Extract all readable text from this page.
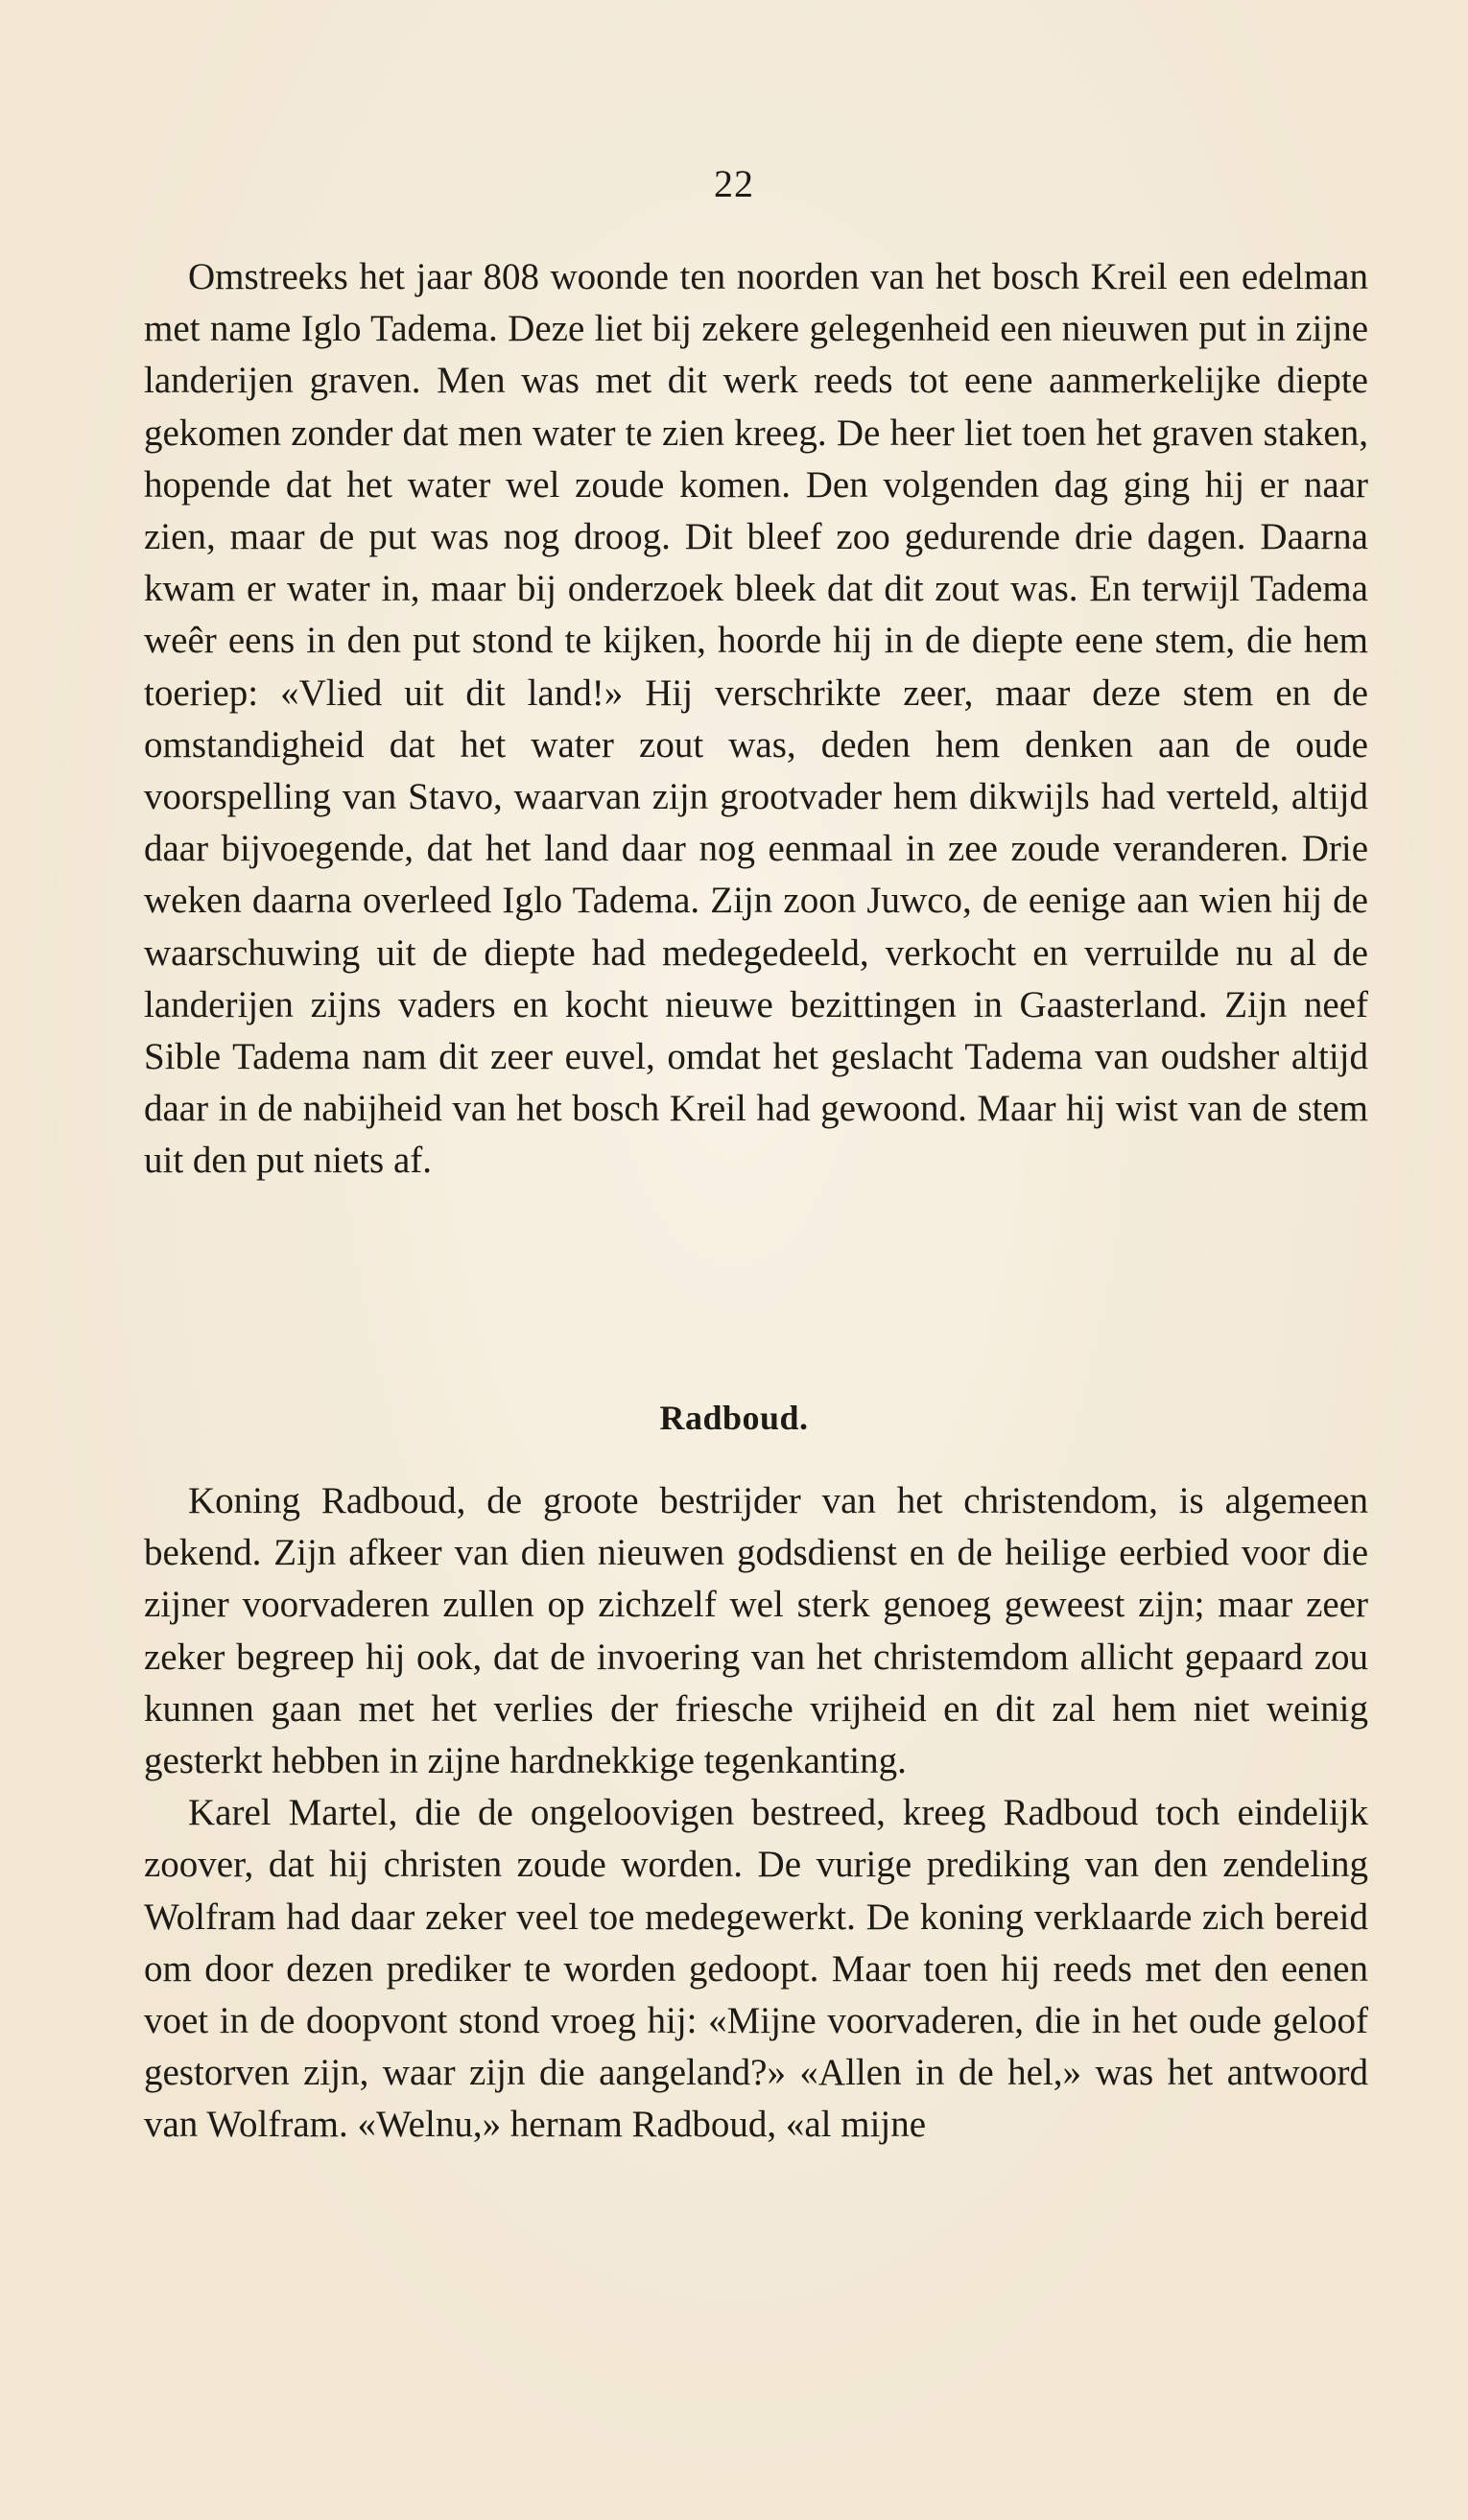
22

Omstreeks het jaar 808 woonde ten noorden van het bosch Kreil een edelman met name Iglo Tadema. Deze liet bij zekere gelegenheid een nieuwen put in zijne landerijen graven. Men was met dit werk reeds tot eene aanmerkelijke diepte gekomen zonder dat men water te zien kreeg. De heer liet toen het graven staken, hopende dat het water wel zoude komen. Den volgenden dag ging hij er naar zien, maar de put was nog droog. Dit bleef zoo gedurende drie dagen. Daarna kwam er water in, maar bij onderzoek bleek dat dit zout was. En terwijl Tadema weêr eens in den put stond te kijken, hoorde hij in de diepte eene stem, die hem toeriep: «Vlied uit dit land!» Hij verschrikte zeer, maar deze stem en de omstandigheid dat het water zout was, deden hem denken aan de oude voorspelling van Stavo, waarvan zijn grootvader hem dikwijls had verteld, altijd daar bijvoegende, dat het land daar nog eenmaal in zee zoude veranderen. Drie weken daarna overleed Iglo Tadema. Zijn zoon Juwco, de eenige aan wien hij de waarschuwing uit de diepte had medegedeeld, verkocht en verruilde nu al de landerijen zijns vaders en kocht nieuwe bezittingen in Gaasterland. Zijn neef Sible Tadema nam dit zeer euvel, omdat het geslacht Tadema van oudsher altijd daar in de nabijheid van het bosch Kreil had gewoond. Maar hij wist van de stem uit den put niets af.

Radboud.

Koning Radboud, de groote bestrijder van het christendom, is algemeen bekend. Zijn afkeer van dien nieuwen godsdienst en de heilige eerbied voor die zijner voorvaderen zullen op zichzelf wel sterk genoeg geweest zijn; maar zeer zeker begreep hij ook, dat de invoering van het christemdom allicht gepaard zou kunnen gaan met het verlies der friesche vrijheid en dit zal hem niet weinig gesterkt hebben in zijne hardnekkige tegenkanting.

Karel Martel, die de ongeloovigen bestreed, kreeg Radboud toch eindelijk zoover, dat hij christen zoude worden. De vurige prediking van den zendeling Wolfram had daar zeker veel toe medegewerkt. De koning verklaarde zich bereid om door dezen prediker te worden gedoopt. Maar toen hij reeds met den eenen voet in de doopvont stond vroeg hij: «Mijne voorvaderen, die in het oude geloof gestorven zijn, waar zijn die aangeland?» «Allen in de hel,» was het antwoord van Wolfram. «Welnu,» hernam Radboud, «al mijne
